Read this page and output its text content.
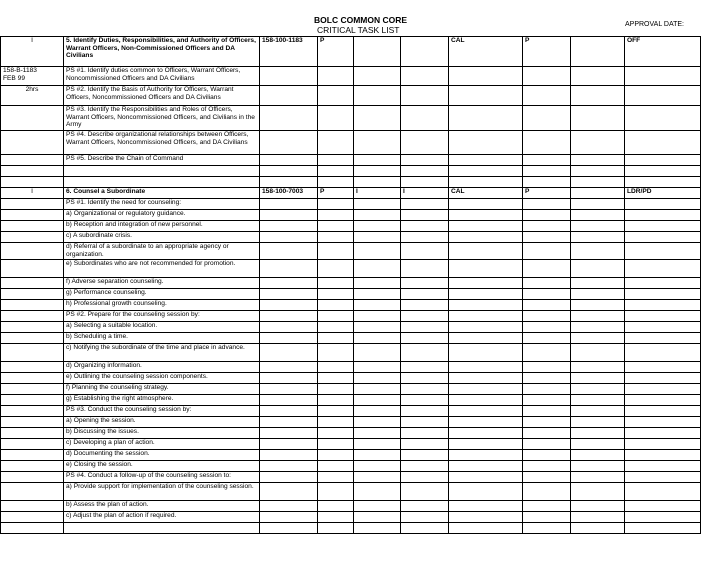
BOLC COMMON CORE
CRITICAL TASK LIST
APPROVAL DATE:
I	5. Identify Duties, Responsibilities, and Authority of Officers, Warrant Officers, Non-Commissioned Officers and DA Civilians	158-100-1183	P			CAL	P		OFF
158-B-1183
FEB 99	PS #1. Identify duties common to Officers, Warrant Officers, Noncommissioned Officers and DA Civilians								
2hrs	PS #2. Identify the Basis of Authority for Officers, Warrant Officers, Noncommissioned Officers and DA Civilians								
	PS #3. Identify the Responsibilities and Roles of Officers, Warrant Officers, Noncommissioned Officers, and Civilians in the Army								
	PS #4. Describe organizational relationships between Officers, Warrant Officers, Noncommissioned Officers, and DA Civilians								
	PS #5. Describe the Chain of Command								

I	6. Counsel a Subordinate	158-100-7003	P	I	I	CAL	P		LDR/PD
	PS #1. Identify the need for counseling:								
	a) Organizational or regulatory guidance.								
	b) Reception and integration of new personnel.								
	c) A subordinate crisis.								
	d) Referral of a subordinate to an appropriate agency or organization.								
	e) Subordinates who are not recommended for promotion.								
	f) Adverse separation counseling.								
	g) Performance counseling.								
	h) Professional growth counseling.								
	PS #2. Prepare for the counseling session by:								
	a) Selecting a suitable location.								
	b) Scheduling a time.								
	c) Notifying the subordinate of the time and place in advance.								
	d) Organizing information.								
	e) Outlining the counseling session components.								
	f) Planning the counseling strategy.								
	g) Establishing the right atmosphere.								
	PS #3. Conduct the counseling session by:								
	a) Opening the session.								
	b) Discussing the issues.								
	c) Developing a plan of action.								
	d) Documenting the session.								
	e) Closing the session.								
	PS #4. Conduct a follow-up of the counseling session to:								
	a) Provide support for implementation of the counseling session.								
	b) Assess the plan of action.								
	c) Adjust the plan of action if required.								
